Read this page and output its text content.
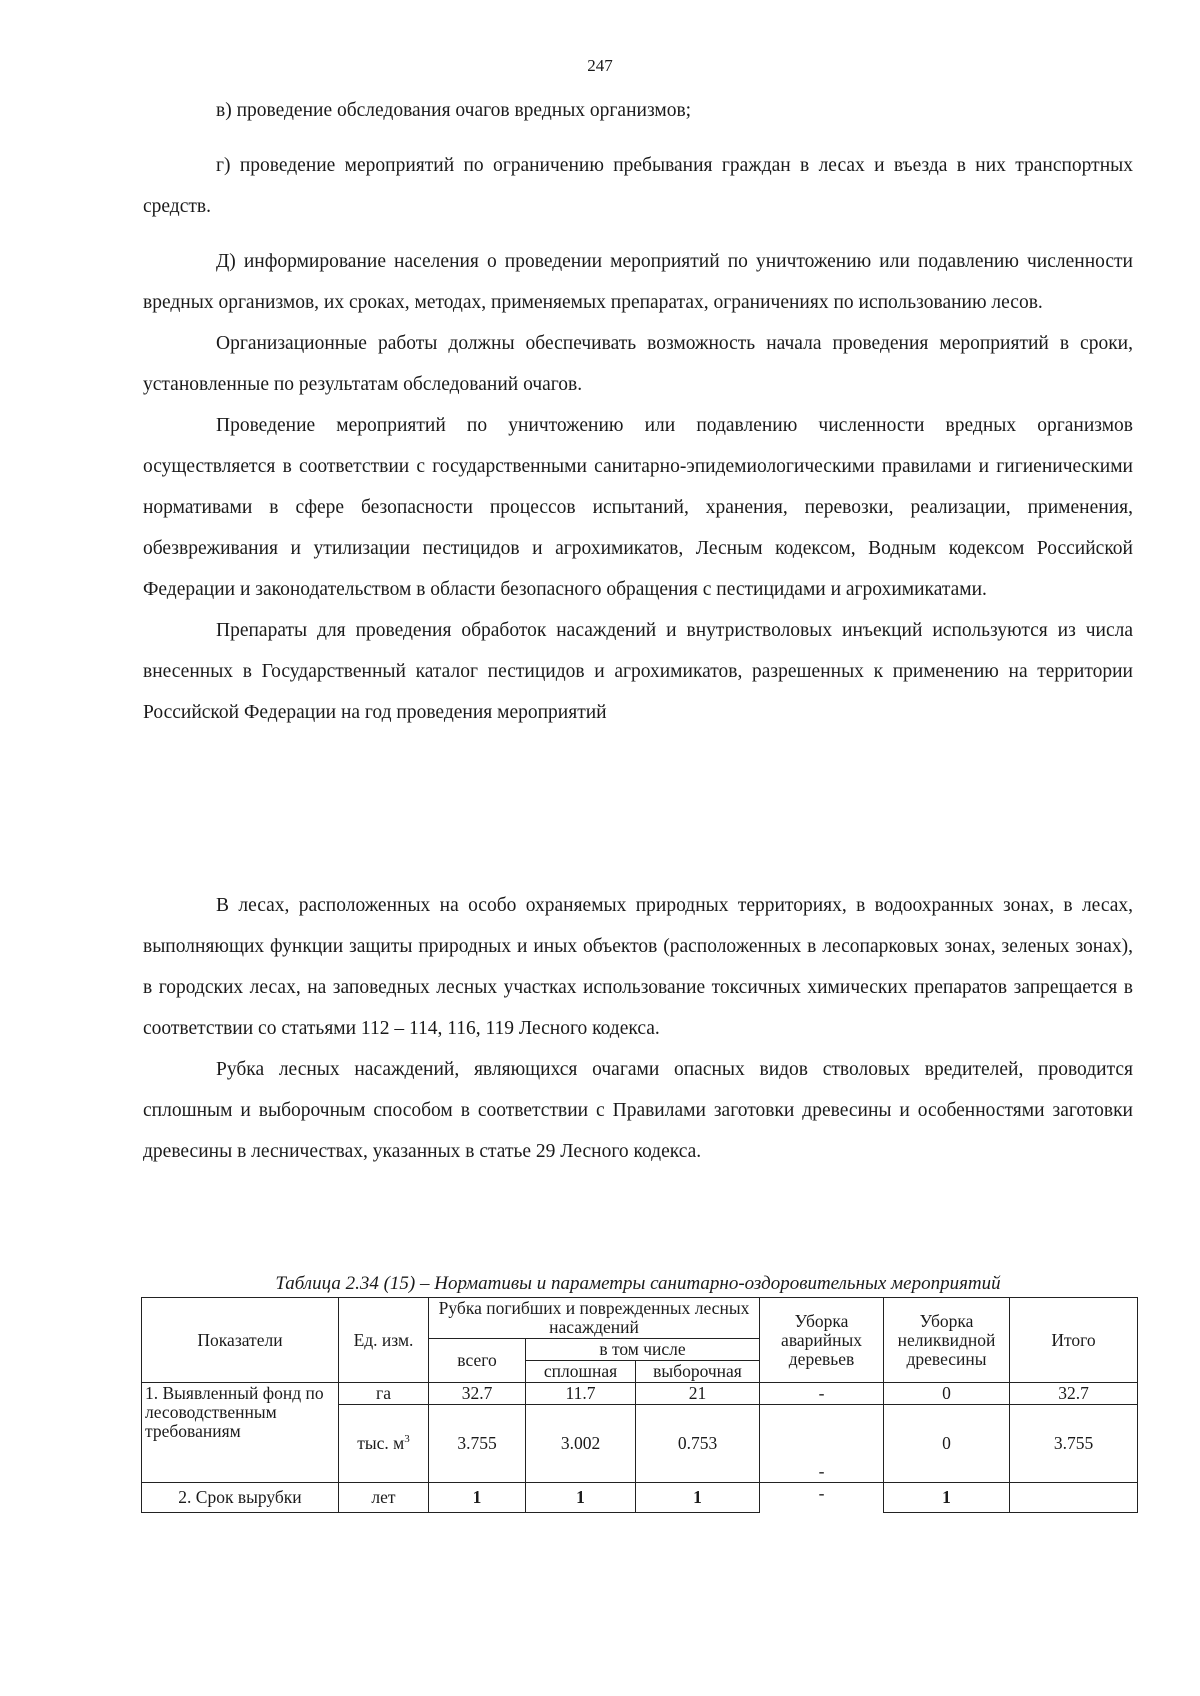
247

в) проведение обследования очагов вредных организмов;

г) проведение мероприятий по ограничению пребывания граждан в лесах и въезда в них транспортных средств.

Д) информирование населения о проведении мероприятий по уничтожению или подавлению численности вредных организмов, их сроках, методах, применяемых препаратах, ограничениях по использованию лесов.

Организационные работы должны обеспечивать возможность начала проведения мероприятий в сроки, установленные по результатам обследований очагов.

Проведение мероприятий по уничтожению или подавлению численности вредных организмов осуществляется в соответствии с государственными санитарно-эпидемиологическими правилами и гигиеническими нормативами в сфере безопасности процессов испытаний, хранения, перевозки, реализации, применения, обезвреживания и утилизации пестицидов и агрохимикатов, Лесным кодексом, Водным кодексом Российской Федерации и законодательством в области безопасного обращения с пестицидами и агрохимикатами.

Препараты для проведения обработок насаждений и внутристволовых инъекций используются из числа внесенных в Государственный каталог пестицидов и агрохимикатов, разрешенных к применению на территории Российской Федерации на год проведения мероприятий

В лесах, расположенных на особо охраняемых природных территориях, в водоохранных зонах, в лесах, выполняющих функции защиты природных и иных объектов (расположенных в лесопарковых зонах, зеленых зонах), в городских лесах, на заповедных лесных участках использование токсичных химических препаратов запрещается в соответствии со статьями 112 – 114, 116, 119 Лесного кодекса.

Рубка лесных насаждений, являющихся очагами опасных видов стволовых вредителей, проводится сплошным и выборочным способом в соответствии с Правилами заготовки древесины и особенностями заготовки древесины в лесничествах, указанных в статье 29 Лесного кодекса.

Таблица 2.34 (15) – Нормативы и параметры санитарно-оздоровительных мероприятий
Показатели	Ед. изм.	Рубка погибших и поврежденных лесных насаждений			Уборка аварийных деревьев	Уборка неликвидной древесины	Итого
		всего	в том числе				
			сплошная	выборочная			
1. Выявленный фонд по лесоводственным требованиям	га	32.7	11.7	21	-	0	32.7
	тыс. $м^3$	3.755	3.002	0.753	-	0	3.755
2. Срок вырубки	лет	1	1	1	-	1	
